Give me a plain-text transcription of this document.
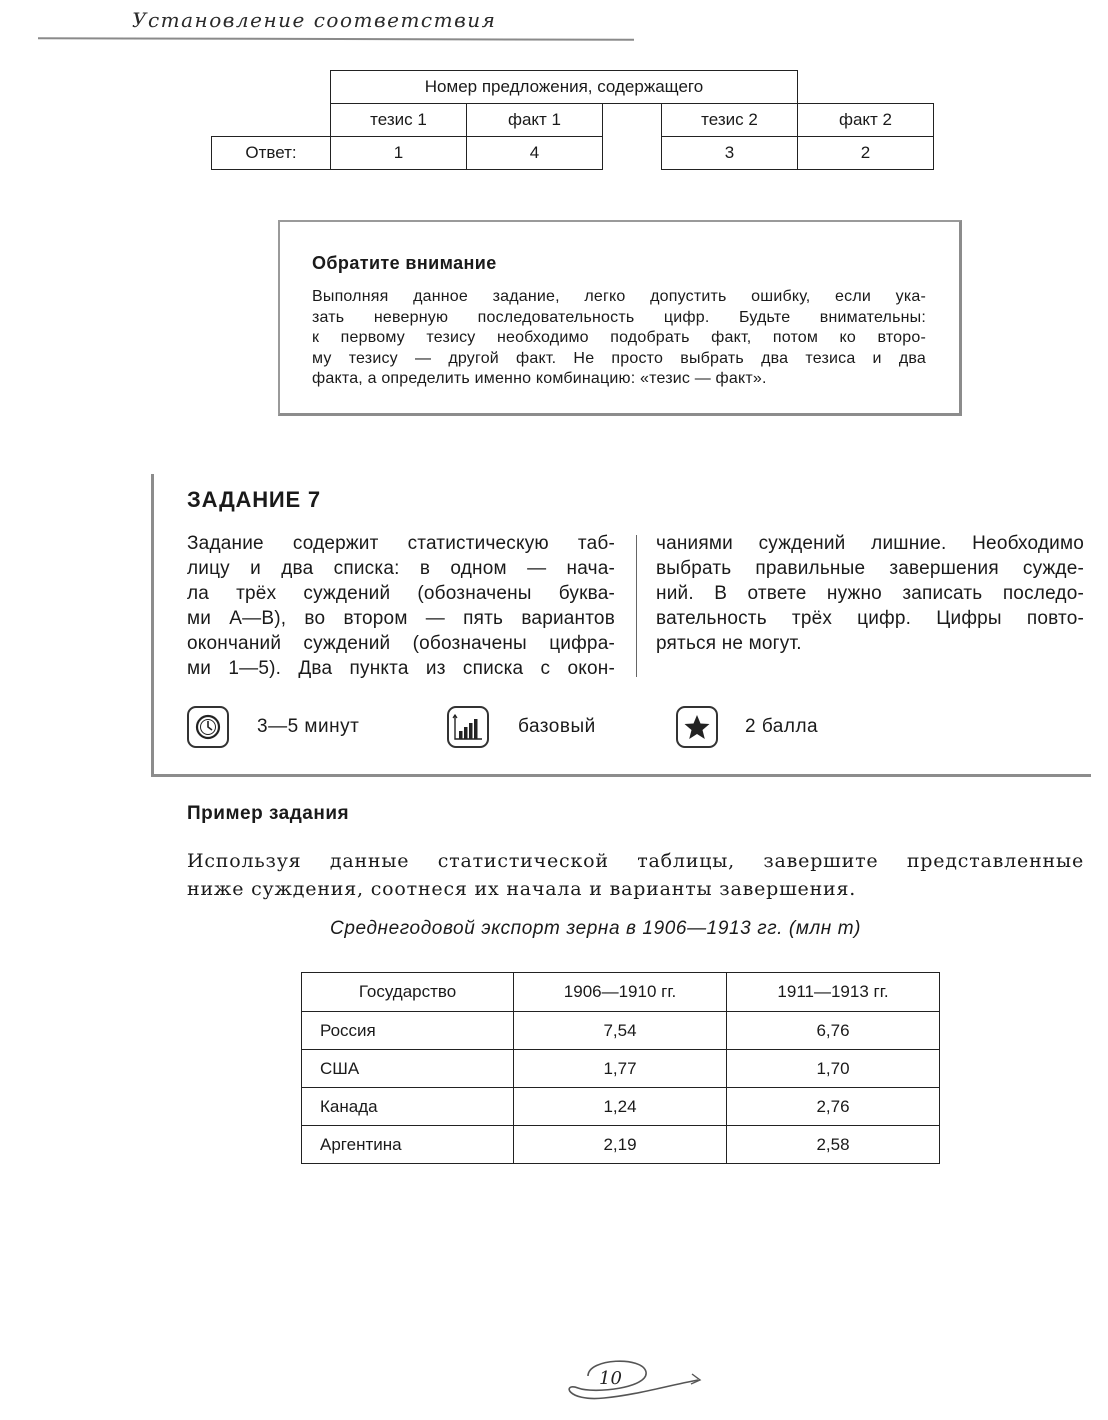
Установление соответствия
	Номер предложения, содержащего				
	тезис 1	факт 1		тезис 2	факт 2
Ответ:	1	4		3	2
Обратите внимание
Выполняя данное задание, легко допустить ошибку, если ука-
зать неверную последовательность цифр. Будьте внимательны:
к первому тезису необходимо подобрать факт, потом ко второ-
му тезису — другой факт. Не просто выбрать два тезиса и два
факта, а определить именно комбинацию: «тезис — факт».
ЗАДАНИЕ 7
Задание содержит статистическую таб-
лицу и два списка: в одном — нача-
ла трёх суждений (обозначены буква-
ми А—В), во втором — пять вариантов
окончаний суждений (обозначены цифра-
ми 1—5). Два пункта из списка с окон-
чаниями суждений лишние. Необходимо
выбрать правильные завершения сужде-
ний. В ответе нужно записать последо-
вательность трёх цифр. Цифры повто-
ряться не могут.
3—5 минут	базовый	2 балла
Пример задания
Используя данные статистической таблицы, завершите представленные
ниже суждения, соотнеся их начала и варианты завершения.
Среднегодовой экспорт зерна в 1906—1913 гг. (млн т)
Государство	1906—1910 гг.	1911—1913 гг.
Россия	7,54	6,76
США	1,77	1,70
Канада	1,24	2,76
Аргентина	2,19	2,58
10
